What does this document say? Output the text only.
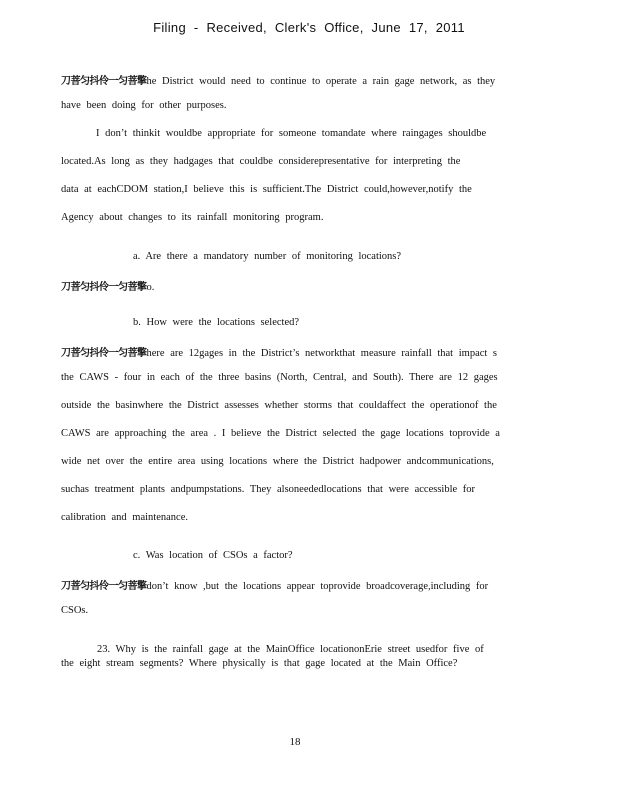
Filing - Received, Clerk's Office, June 17, 2011
刀菩匀抖伶一匀菩擎he District would need to continue to operate a rain gage network, as they
have been doing for other purposes.
I don’t thinkit wouldbe appropriate for someone tomandate where raingages shouldbe
located.As long as they hadgages that couldbe considerepresentative for interpreting the
data at eachCDOM station,I believe this is sufficient.The District could,however,notify the
Agency about changes to its rainfall monitoring program.
a. Are there a mandatory number of monitoring locations?
刀菩匀抖伶一匀菩擎o.
b. How were the locations selected?
刀菩匀抖伶一匀菩擎here are 12gages in the District’s networkthat measure rainfall that impact s
the CAWS - four in each of the three basins (North, Central, and South). There are 12 gages
outside the basinwhere the District assesses whether storms that couldaffect the operationof the
CAWS are approaching the area . I believe the District selected the gage locations toprovide a
wide net over the entire area using locations where the District hadpower andcommunications,
suchas treatment plants andpumpstations. They alsoneededlocations that were accessible for
calibration and maintenance.
c. Was location of CSOs a factor?
刀菩匀抖伶一匀菩擎don’t know ,but the locations appear toprovide broadcoverage,including for
CSOs.
23. Why is the rainfall gage at the MainOffice locationonErie street usedfor five of
the eight stream segments? Where physically is that gage located at the Main Office?
18
